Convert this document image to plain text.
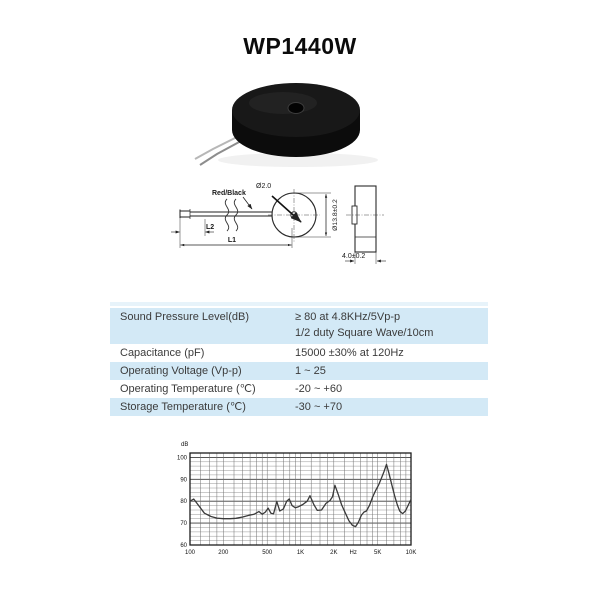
WP1440W
Ø2.0
Ø13.8±0.2
Red/Black
L2
L1
4.0±0.2
Sound Pressure Level(dB)	≥ 80 at 4.8KHz/5Vp-p
1/2 duty Square Wave/10cm
Capacitance (pF)	15000 ±30% at 120Hz
Operating Voltage (Vp-p)	1 ~ 25
Operating Temperature (℃)	-20 ~ +60
Storage Temperature (℃)	-30 ~ +70
60
70
80
90
100
dB
100	200	500	1K	2K Hz	5K	10K
